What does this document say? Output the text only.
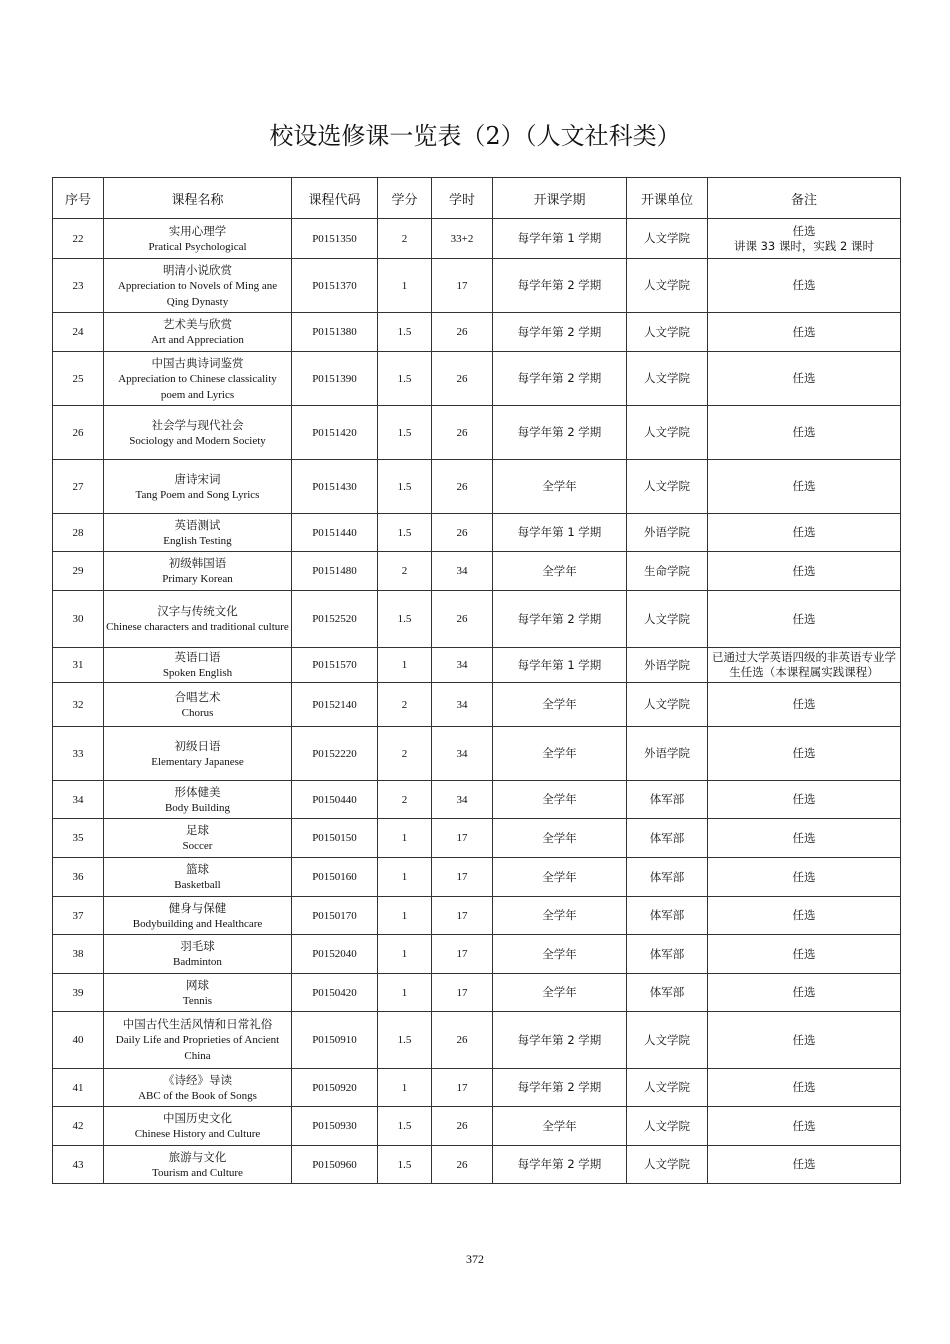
校设选修课一览表（2）（人文社科类）
序号	课程名称	课程代码	学分	学时	开课学期	开课单位	备注
22	实用心理学
Pratical Psychological	P0151350	2	33+2	每学年第 1 学期	人文学院	任选
讲课 33 课时，实践 2 课时

23	明清小说欣赏
Appreciation to Novels of Ming ane Qing Dynasty	P0151370	1	17	每学年第 2 学期	人文学院	任选
24	艺术美与欣赏
Art and Appreciation	P0151380	1.5	26	每学年第 2 学期	人文学院	任选
25	中国古典诗词鉴赏
Appreciation to Chinese classicality poem and Lyrics	P0151390	1.5	26	每学年第 2 学期	人文学院	任选
26	社会学与现代社会
Sociology and Modern Society	P0151420	1.5	26	每学年第 2 学期	人文学院	任选
27	唐诗宋词
Tang Poem and Song Lyrics	P0151430	1.5	26	全学年	人文学院	任选
28	英语测试
English Testing	P0151440	1.5	26	每学年第 1 学期	外语学院	任选
29	初级韩国语
Primary Korean	P0151480	2	34	全学年	生命学院	任选
30	汉字与传统文化
Chinese characters and traditional culture	P0152520	1.5	26	每学年第 2 学期	人文学院	任选
31	英语口语
Spoken English	P0151570	1	34	每学年第 1 学期	外语学院	已通过大学英语四级的非英语专业学生任选（本课程属实践课程）
32	合唱艺术
Chorus	P0152140	2	34	全学年	人文学院	任选
33	初级日语
Elementary Japanese	P0152220	2	34	全学年	外语学院	任选
34	形体健美
Body Building	P0150440	2	34	全学年	体军部	任选
35	足球
Soccer	P0150150	1	17	全学年	体军部	任选
36	篮球
Basketball	P0150160	1	17	全学年	体军部	任选
37	健身与保健
Bodybuilding and Healthcare	P0150170	1	17	全学年	体军部	任选
38	羽毛球
Badminton	P0152040	1	17	全学年	体军部	任选
39	网球
Tennis	P0150420	1	17	全学年	体军部	任选
40	中国古代生活风情和日常礼俗
Daily Life and Proprieties of Ancient China	P0150910	1.5	26	每学年第 2 学期	人文学院	任选
41	《诗经》导读
ABC of the Book of Songs	P0150920	1	17	每学年第 2 学期	人文学院	任选
42	中国历史文化
Chinese History and Culture	P0150930	1.5	26	全学年	人文学院	任选
43	旅游与文化
Tourism and Culture	P0150960	1.5	26	每学年第 2 学期	人文学院	任选
372
